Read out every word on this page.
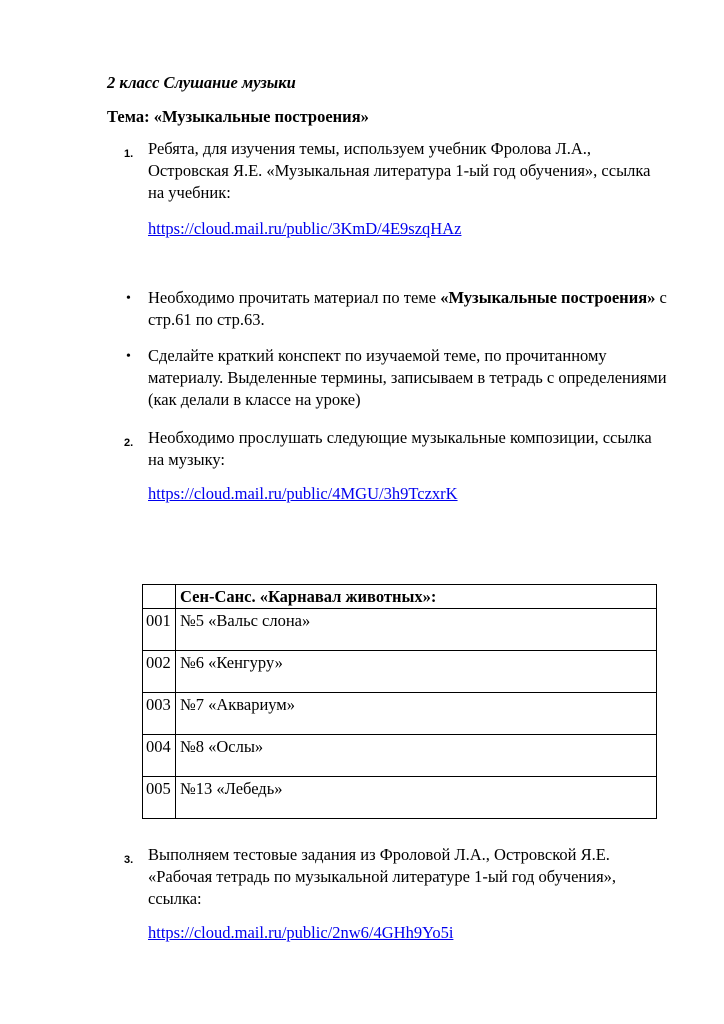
2 класс Слушание музыки
Тема: «Музыкальные построения»
1. Ребята, для изучения темы, используем учебник Фролова Л.А., Островская Я.Е. «Музыкальная литература 1-ый год обучения», ссылка на учебник:
https://cloud.mail.ru/public/3KmD/4E9szqHAz
• Необходимо прочитать материал по теме «Музыкальные построения» с стр.61 по стр.63.
• Сделайте краткий конспект по изучаемой теме, по прочитанному материалу. Выделенные термины, записываем в тетрадь с определениями (как делали в классе на уроке)
2. Необходимо прослушать следующие музыкальные композиции, ссылка на музыку:
https://cloud.mail.ru/public/4MGU/3h9TczxrK
	Сен-Санс. «Карнавал животных»:
001	№5 «Вальс слона»
002	№6 «Кенгуру»
003	№7 «Аквариум»
004	№8 «Ослы»
005	№13 «Лебедь»
3. Выполняем тестовые задания из Фроловой Л.А., Островской Я.Е. «Рабочая тетрадь по музыкальной литературе 1-ый год обучения», ссылка:
https://cloud.mail.ru/public/2nw6/4GHh9Yo5i
